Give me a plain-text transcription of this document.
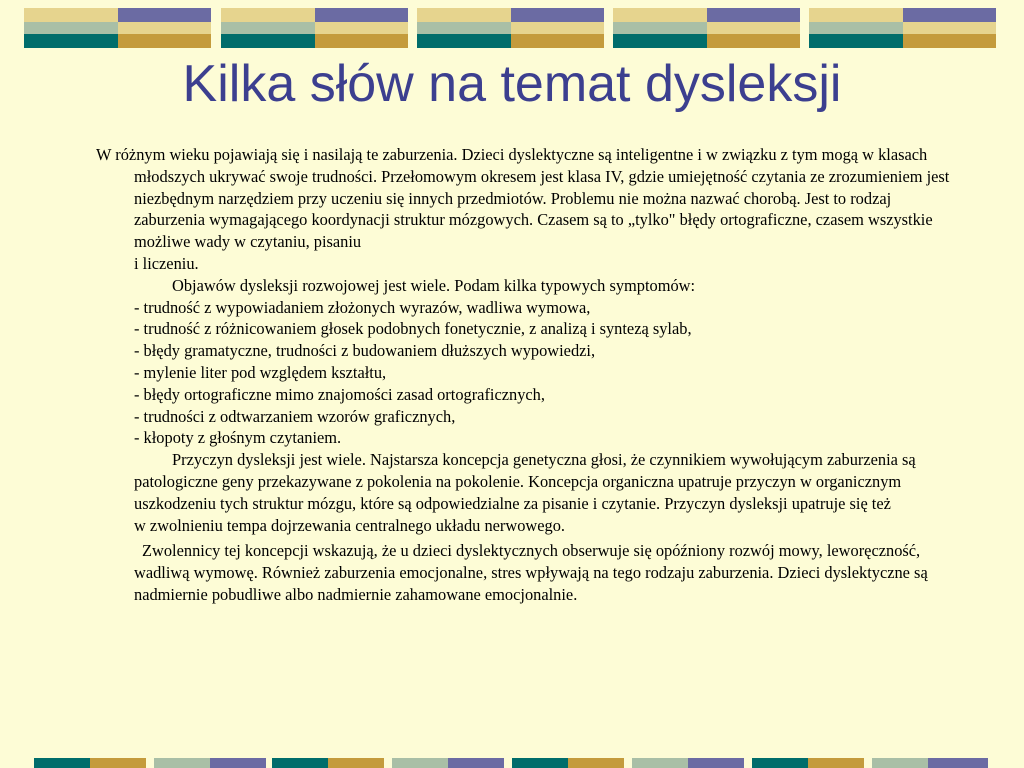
Kilka słów na temat dysleksji

W różnym wieku pojawiają się i nasilają te zaburzenia. Dzieci dyslektyczne są inteligentne i w związku z tym mogą w klasach młodszych ukrywać swoje trudności. Przełomowym okresem jest klasa IV, gdzie umiejętność czytania ze zrozumieniem jest niezbędnym narzędziem przy uczeniu się innych przedmiotów. Problemu nie można nazwać chorobą. Jest to rodzaj zaburzenia wymagającego koordynacji struktur mózgowych. Czasem są to „tylko" błędy ortograficzne, czasem wszystkie możliwe wady w czytaniu, pisaniu

i liczeniu.

Objawów dysleksji rozwojowej jest wiele. Podam kilka typowych symptomów:

- trudność z wypowiadaniem złożonych wyrazów, wadliwa wymowa,

- trudność z różnicowaniem głosek podobnych fonetycznie, z analizą i syntezą sylab,

- błędy gramatyczne, trudności z budowaniem dłuższych wypowiedzi,

- mylenie liter pod względem kształtu,

- błędy ortograficzne mimo znajomości zasad ortograficznych,

- trudności z odtwarzaniem wzorów graficznych,

- kłopoty z głośnym czytaniem.

Przyczyn dysleksji jest wiele. Najstarsza koncepcja genetyczna głosi, że czynnikiem wywołującym zaburzenia są patologiczne geny przekazywane z pokolenia na pokolenie. Koncepcja organiczna upatruje przyczyn w organicznym uszkodzeniu tych struktur mózgu, które są odpowiedzialne za pisanie i czytanie. Przyczyn dysleksji upatruje się też

w zwolnieniu tempa dojrzewania centralnego układu nerwowego.

Zwolennicy tej koncepcji wskazują, że u dzieci dyslektycznych obserwuje się opóźniony rozwój mowy, leworęczność, wadliwą wymowę. Również zaburzenia emocjonalne, stres wpływają na tego rodzaju zaburzenia. Dzieci dyslektyczne są nadmiernie pobudliwe albo nadmiernie zahamowane emocjonalnie.
